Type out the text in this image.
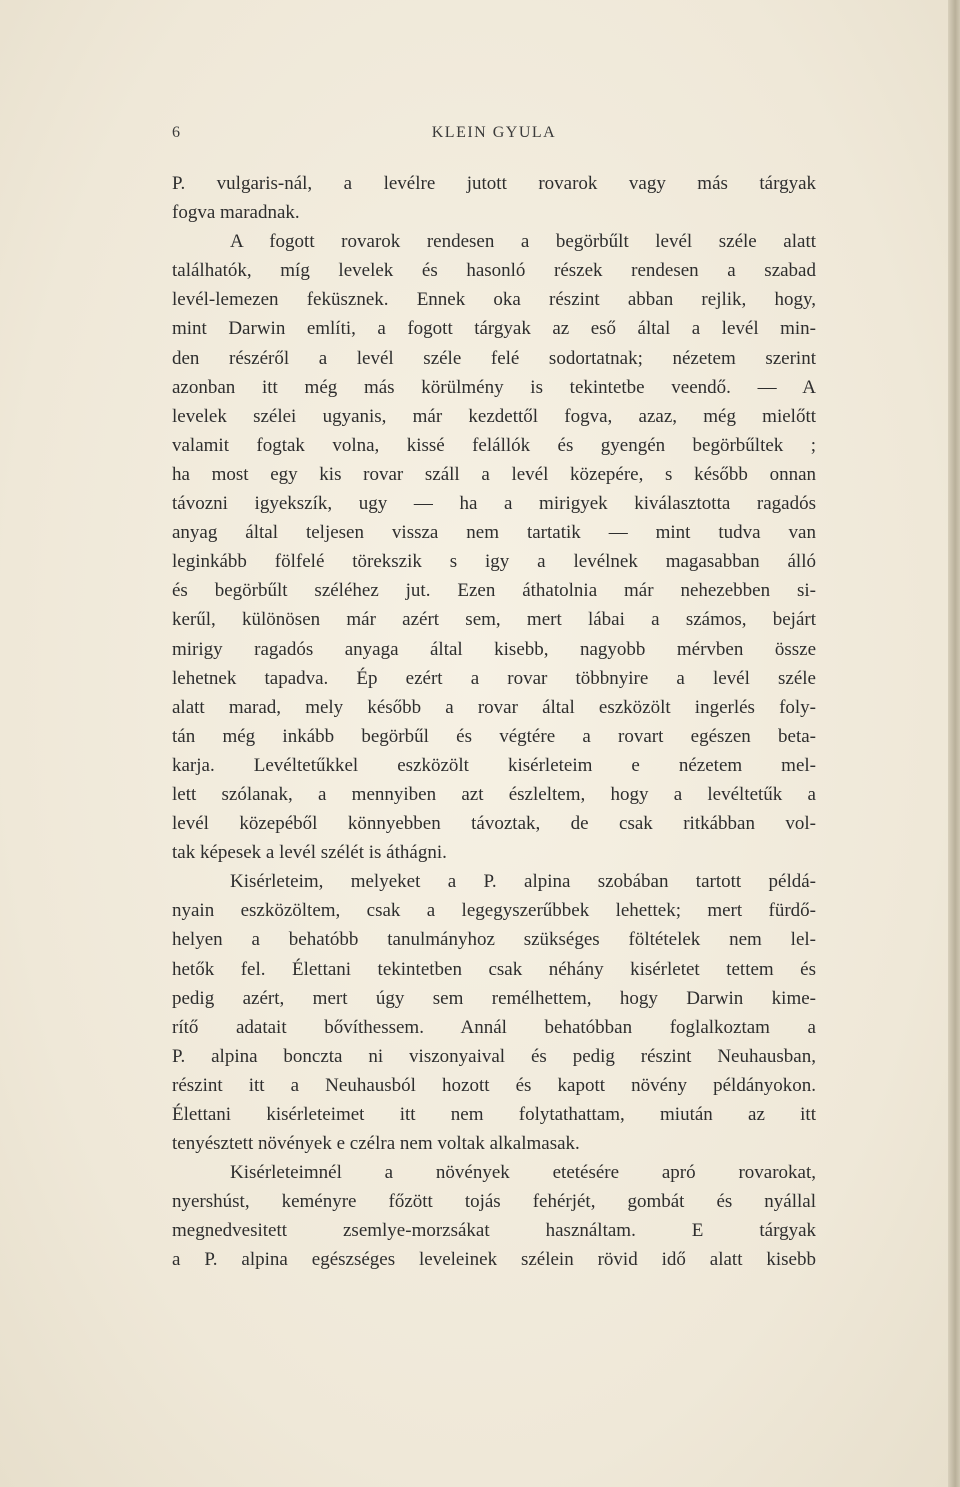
6	KLEIN GYULA
P. vulgaris-nál, a levélre jutott rovarok vagy más tárgyak
fogva maradnak.
A fogott rovarok rendesen a begörbűlt levél széle alatt
találhatók, míg levelek és hasonló részek rendesen a szabad
levél-lemezen feküsznek. Ennek oka részint abban rejlik, hogy,
mint Darwin említi, a fogott tárgyak az eső által a levél min-
den részéről a levél széle felé sodortatnak; nézetem szerint
azonban itt még más körülmény is tekintetbe veendő. — A
levelek szélei ugyanis, már kezdettől fogva, azaz, még mielőtt
valamit fogtak volna, kissé felállók és gyengén begörbűltek ;
ha most egy kis rovar száll a levél közepére, s később onnan
távozni igyekszík, ugy — ha a mirigyek kiválasztotta ragadós
anyag által teljesen vissza nem tartatik — mint tudva van
leginkább fölfelé törekszik s igy a levélnek magasabban álló
és begörbűlt széléhez jut. Ezen áthatolnia már nehezebben si-
kerűl, különösen már azért sem, mert lábai a számos, bejárt
mirigy ragadós anyaga által kisebb, nagyobb mérvben össze
lehetnek tapadva. Ép ezért a rovar többnyire a levél széle
alatt marad, mely később a rovar által eszközölt ingerlés foly-
tán még inkább begörbűl és végtére a rovart egészen beta-
karja. Levéltetűkkel eszközölt kisérleteim e nézetem mel-
lett szólanak, a mennyiben azt észleltem, hogy a levéltetűk a
levél közepéből könnyebben távoztak, de csak ritkábban vol-
tak képesek a levél szélét is áthágni.
Kisérleteim, melyeket a P. alpina szobában tartott példá-
nyain eszközöltem, csak a legegyszerűbbek lehettek; mert fürdő-
helyen a behatóbb tanulmányhoz szükséges föltételek nem lel-
hetők fel. Élettani tekintetben csak néhány kisérletet tettem és
pedig azért, mert úgy sem remélhettem, hogy Darwin kime-
rítő adatait bővíthessem. Annál behatóbban foglalkoztam a
P. alpina bonczta ni viszonyaival és pedig részint Neuhausban,
részint itt a Neuhausból hozott és kapott növény példányokon.
Élettani kisérleteimet itt nem folytathattam, miután az itt
tenyésztett növények e czélra nem voltak alkalmasak.
Kisérleteimnél a növények etetésére apró rovarokat,
nyershúst, keményre főzött tojás fehérjét, gombát és nyállal
megnedvesitett zsemlye-morzsákat használtam. E tárgyak
a P. alpina egészséges leveleinek szélein rövid idő alatt kisebb
